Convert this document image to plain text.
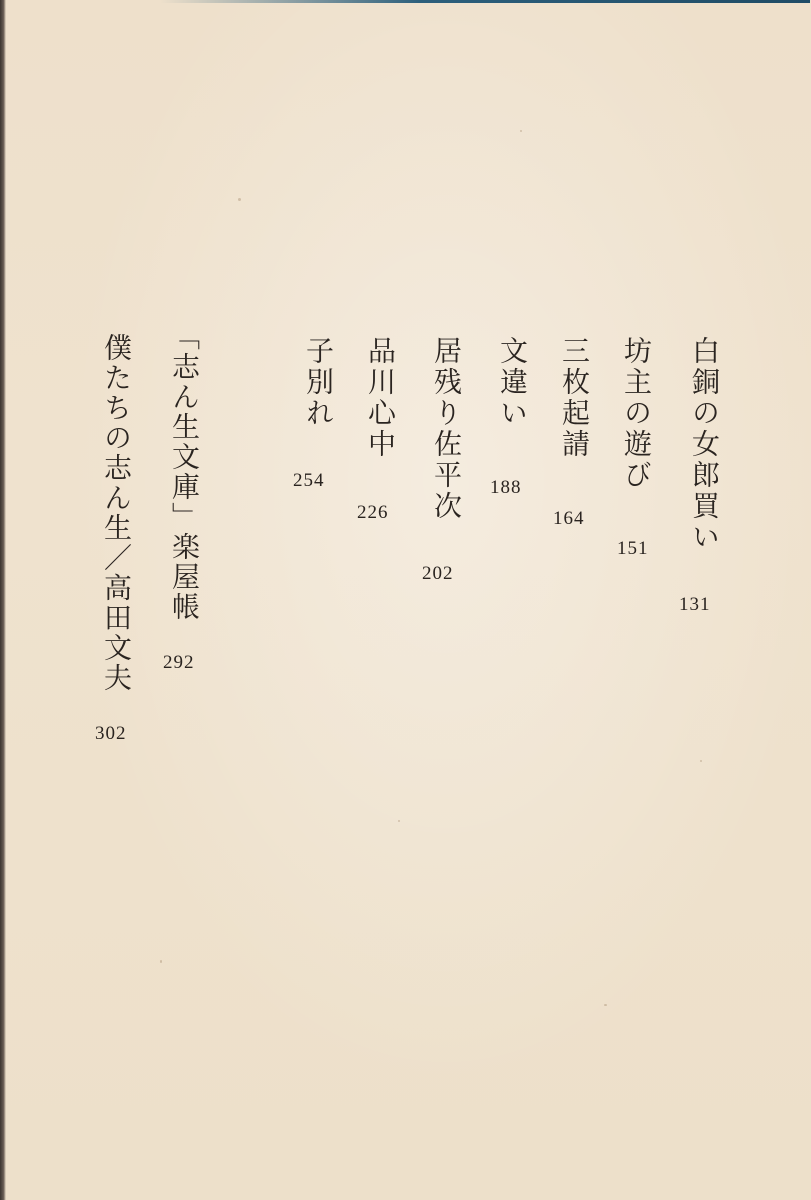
白銅の女郎買い
131
坊主の遊び
151
三枚起請
164
文違い
188
居残り佐平次
202
品川心中
226
子別れ
254
「志ん生文庫」楽屋帳
292
僕たちの志ん生／高田文夫
302
